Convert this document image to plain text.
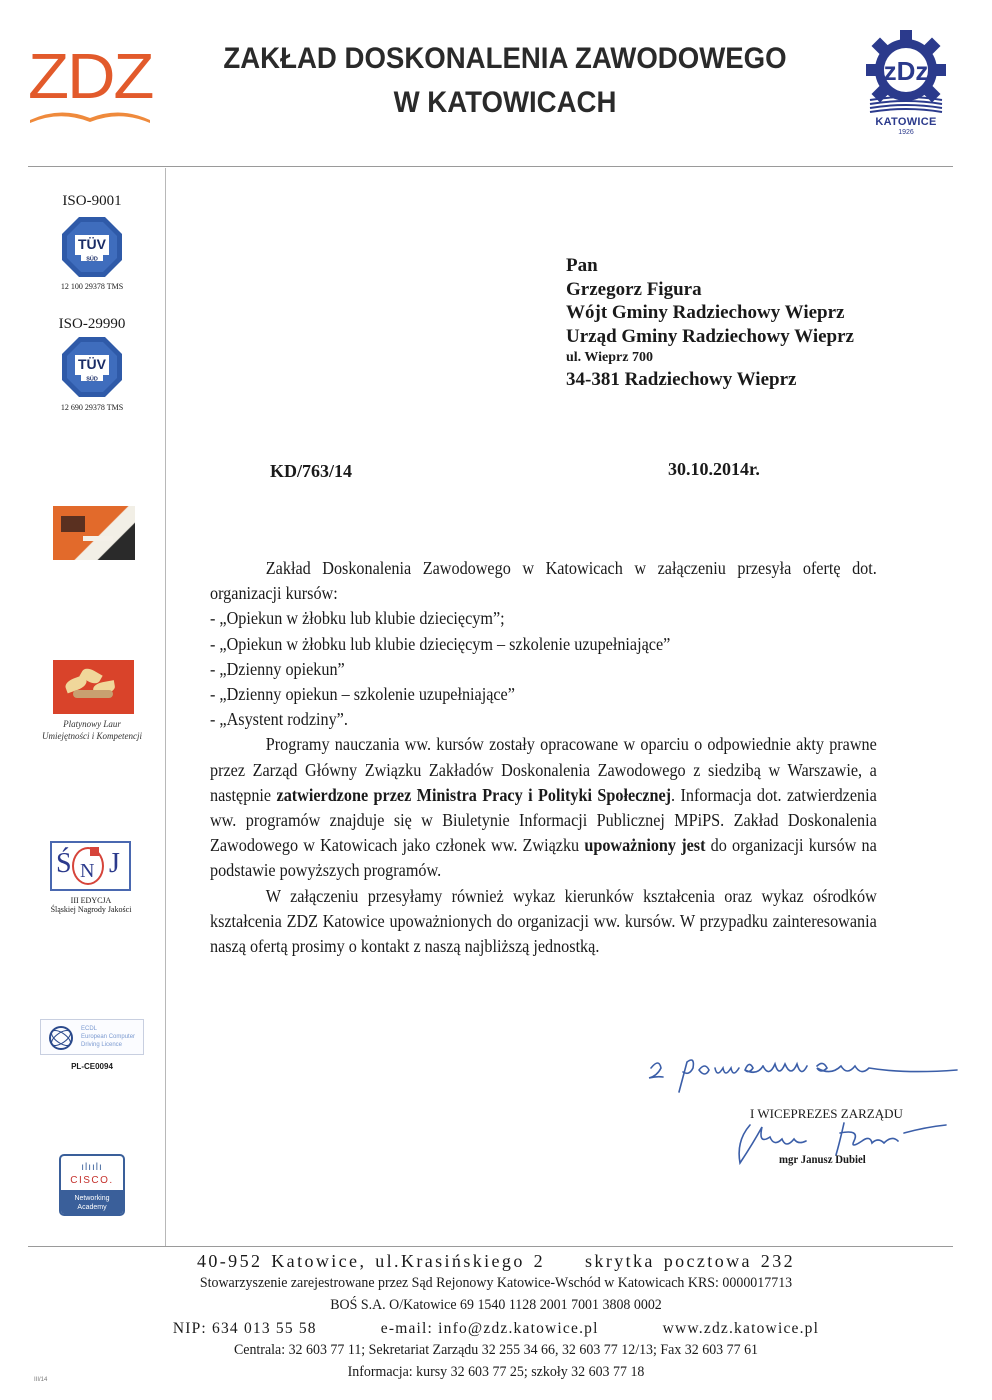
ZDZ ZAKŁAD DOSKONALENIA ZAWODOWEGO
W KATOWICACH
zDz
KATOWICE
1926
ISO-9001
TÜV
SÜD
12 100 29378 TMS
ISO-29990
TÜV
SÜD
12 690 29378 TMS
Platynowy Laur
Umiejętności i Kompetencji
Ś N J
III EDYCJA
Śląskiej Nagrody Jakości
ECDL
European Computer
Driving Licence
PL-CE0094
ılıılı
CISCO.
Networking
Academy
Pan
Grzegorz Figura
Wójt Gminy Radziechowy Wieprz
Urząd Gminy Radziechowy Wieprz
ul. Wieprz 700
34-381 Radziechowy Wieprz
KD/763/14	30.10.2014r.

Zakład Doskonalenia Zawodowego w Katowicach w załączeniu przesyła ofertę dot. organizacji kursów:

- „Opiekun w żłobku lub klubie dziecięcym”;
- „Opiekun w żłobku lub klubie dziecięcym – szkolenie uzupełniające”
- „Dzienny opiekun”
- „Dzienny opiekun – szkolenie uzupełniające”
- „Asystent rodziny”.

Programy nauczania ww. kursów zostały opracowane w oparciu o odpowiednie akty prawne przez Zarząd Główny Związku Zakładów Doskonalenia Zawodowego z siedzibą w Warszawie, a następnie zatwierdzone przez Ministra Pracy i Polityki Społecznej. Informacja dot. zatwierdzenia ww. programów znajduje się w Biuletynie Informacji Publicznej MPiPS. Zakład Doskonalenia Zawodowego w Katowicach jako członek ww. Związku upoważniony jest do organizacji kursów na podstawie powyższych programów.

W załączeniu przesyłamy również wykaz kierunków kształcenia oraz wykaz ośrodków kształcenia ZDZ Katowice upoważnionych do organizacji ww. kursów. W przypadku zainteresowania naszą ofertą prosimy o kontakt z naszą najbliższą jednostką.

I WICEPREZES ZARZĄDU
mgr Janusz Dubiel
40-952 Katowice, ul.Krasińskiego 2 skrytka pocztowa 232
Stowarzyszenie zarejestrowane przez Sąd Rejonowy Katowice-Wschód w Katowicach KRS: 0000017713
BOŚ S.A. O/Katowice 69 1540 1128 2001 7001 3808 0002
NIP: 634 013 55 58	e-mail: info@zdz.katowice.pl	www.zdz.katowice.pl
Centrala: 32 603 77 11; Sekretariat Zarządu 32 255 34 66, 32 603 77 12/13; Fax 32 603 77 61
Informacja: kursy 32 603 77 25; szkoły 32 603 77 18
III/14
